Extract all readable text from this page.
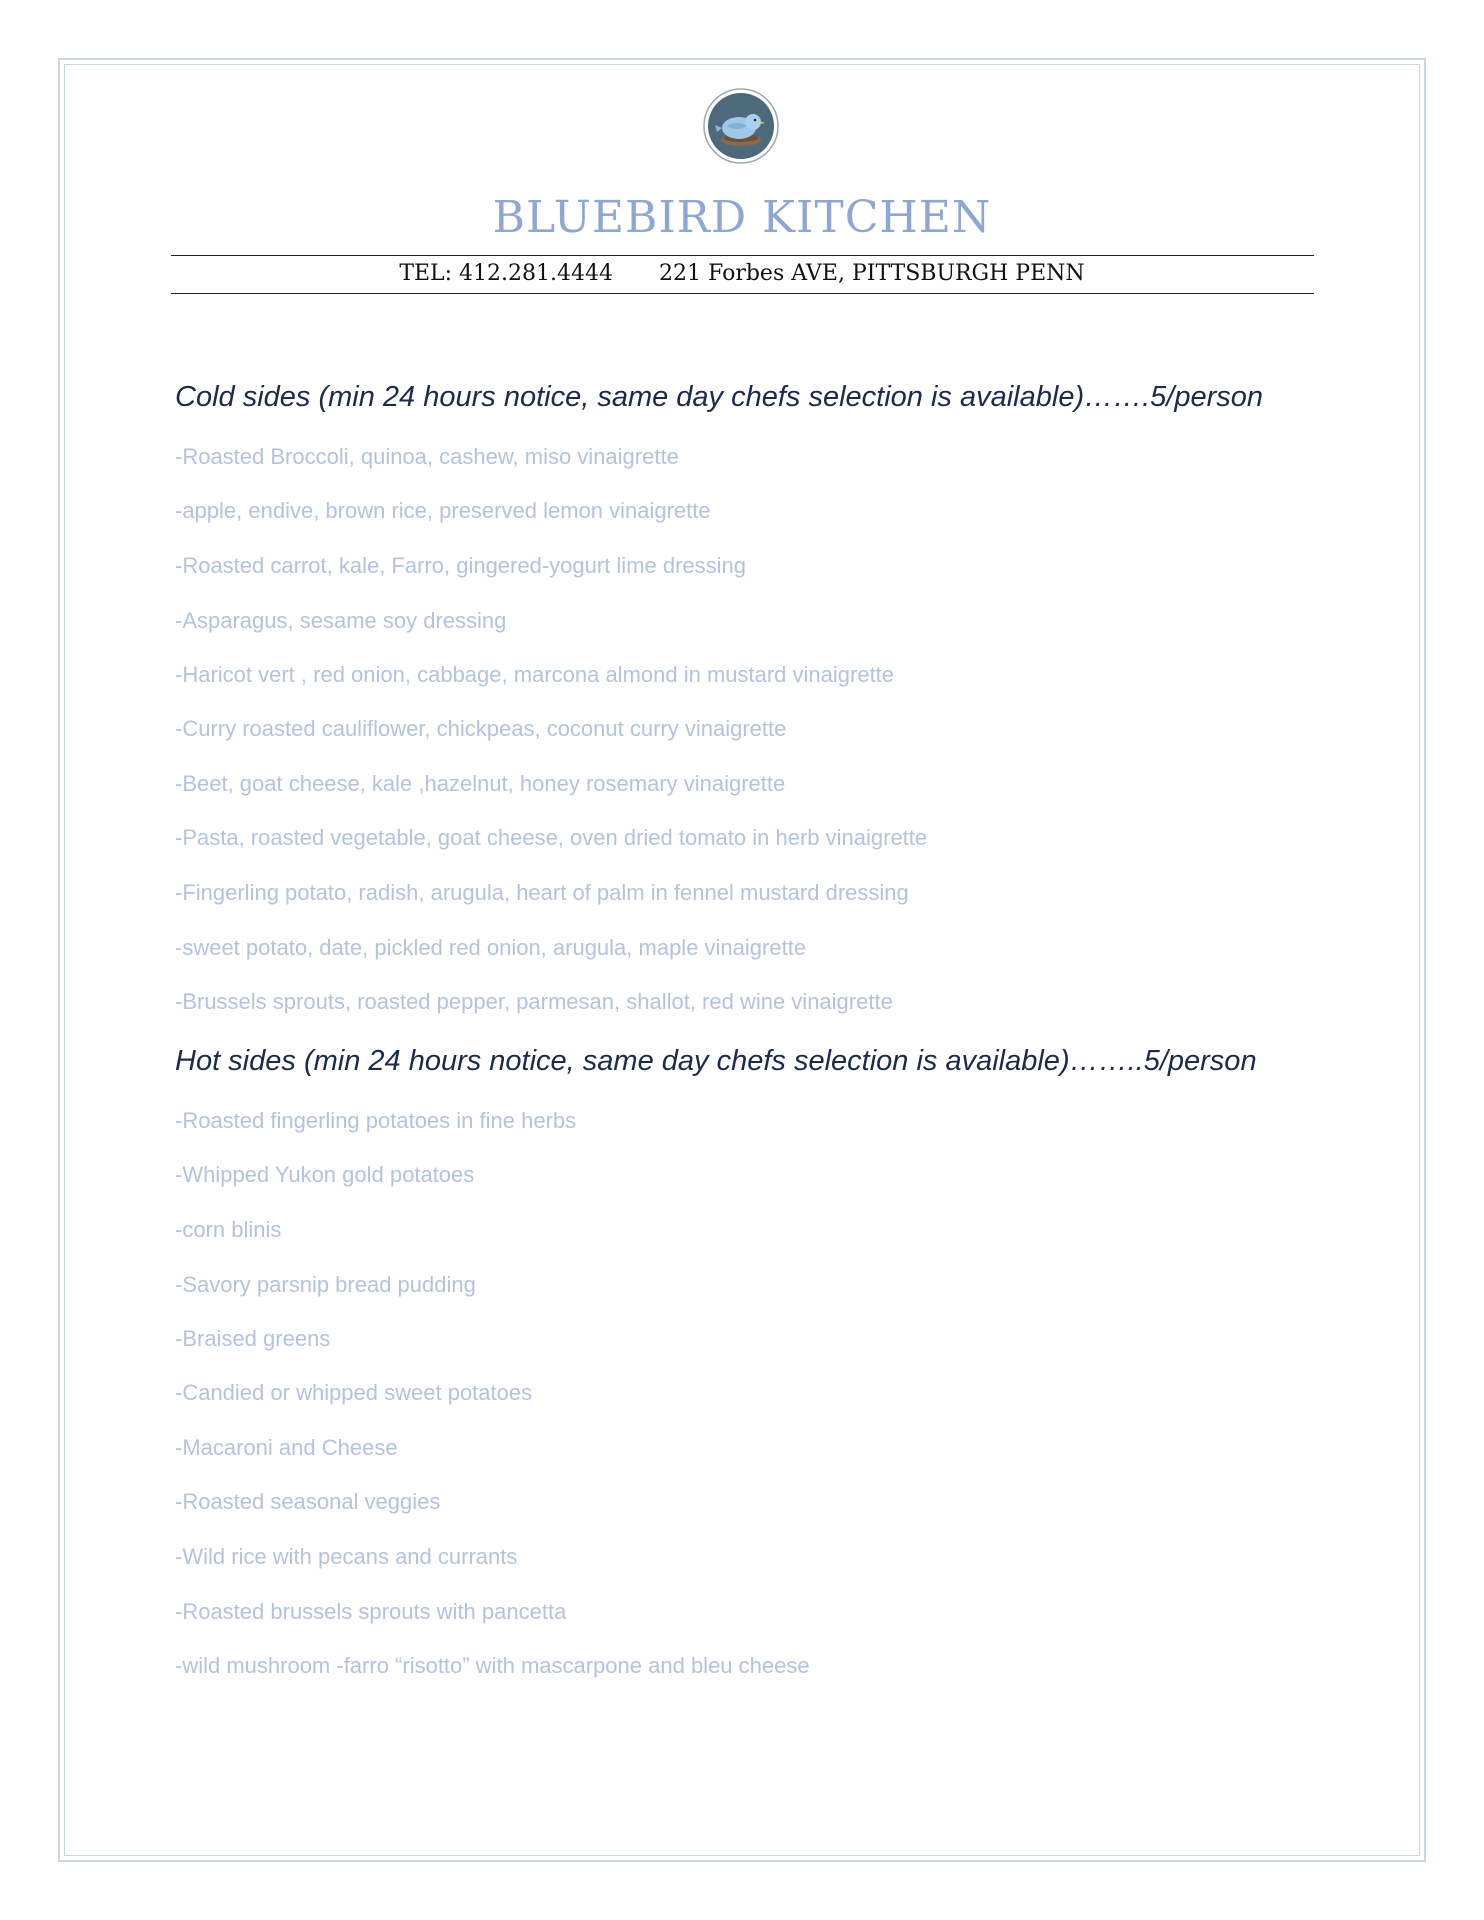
BLUEBIRD KITCHEN
TEL: 412.281.4444 221 Forbes AVE, PITTSBURGH PENN

Cold sides (min 24 hours notice, same day chefs selection is available)…….5/person

-Roasted Broccoli, quinoa, cashew, miso vinaigrette
-apple, endive, brown rice, preserved lemon vinaigrette
-Roasted carrot, kale, Farro, gingered-yogurt lime dressing
-Asparagus, sesame soy dressing
-Haricot vert , red onion, cabbage, marcona almond in mustard vinaigrette
-Curry roasted cauliflower, chickpeas, coconut curry vinaigrette
-Beet, goat cheese, kale ,hazelnut, honey rosemary vinaigrette
-Pasta, roasted vegetable, goat cheese, oven dried tomato in herb vinaigrette
-Fingerling potato, radish, arugula, heart of palm in fennel mustard dressing
-sweet potato, date, pickled red onion, arugula, maple vinaigrette
-Brussels sprouts, roasted pepper, parmesan, shallot, red wine vinaigrette

Hot sides (min 24 hours notice, same day chefs selection is available)……..5/person

-Roasted fingerling potatoes in fine herbs
-Whipped Yukon gold potatoes
-corn blinis
-Savory parsnip bread pudding
-Braised greens
-Candied or whipped sweet potatoes
-Macaroni and Cheese
-Roasted seasonal veggies
-Wild rice with pecans and currants
-Roasted brussels sprouts with pancetta
-wild mushroom -farro “risotto” with mascarpone and bleu cheese
